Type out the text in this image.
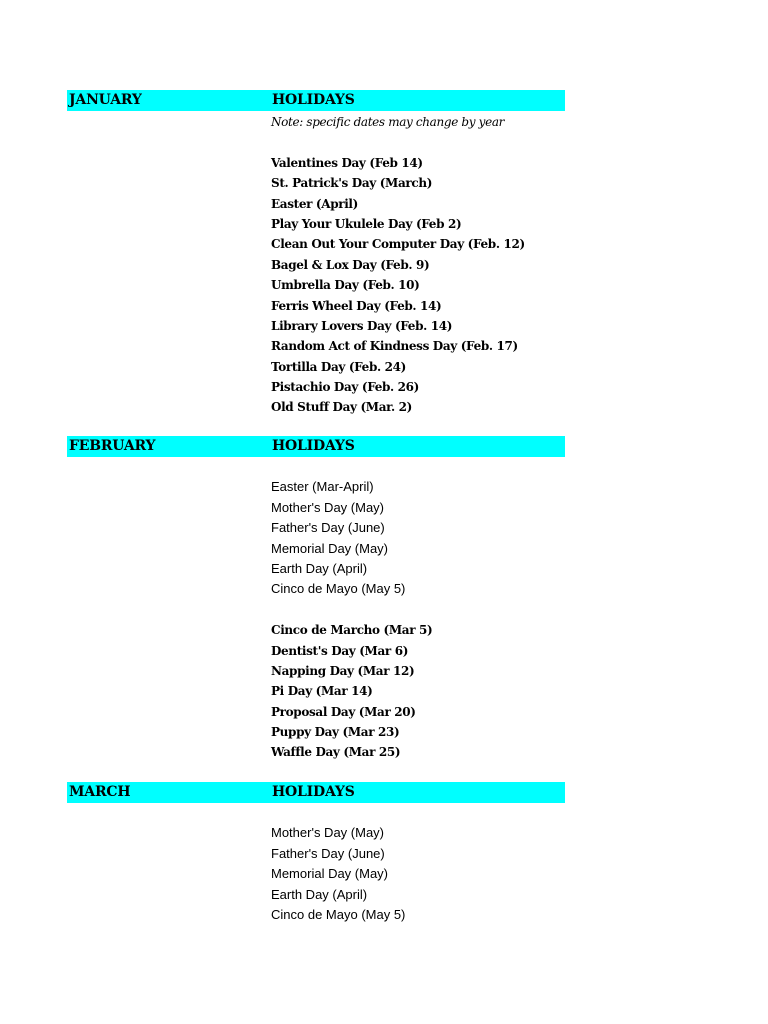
JANUARY	HOLIDAYS
Note: specific dates may change by year
Valentines Day (Feb 14)
St. Patrick's Day (March)
Easter (April)
Play Your Ukulele Day (Feb 2)
Clean Out Your Computer Day (Feb. 12)
Bagel & Lox Day (Feb. 9)
Umbrella Day (Feb. 10)
Ferris Wheel Day (Feb. 14)
Library Lovers Day (Feb. 14)
Random Act of Kindness Day (Feb. 17)
Tortilla Day (Feb. 24)
Pistachio Day (Feb. 26)
Old Stuff Day (Mar. 2)
FEBRUARY	HOLIDAYS
Easter (Mar-April)
Mother's Day (May)
Father's Day (June)
Memorial Day (May)
Earth Day (April)
Cinco de Mayo (May 5)
Cinco de Marcho (Mar 5)
Dentist's Day (Mar 6)
Napping Day (Mar 12)
Pi Day (Mar 14)
Proposal Day (Mar 20)
Puppy Day (Mar 23)
Waffle Day (Mar 25)
MARCH	HOLIDAYS
Mother's Day (May)
Father's Day (June)
Memorial Day (May)
Earth Day (April)
Cinco de Mayo (May 5)
